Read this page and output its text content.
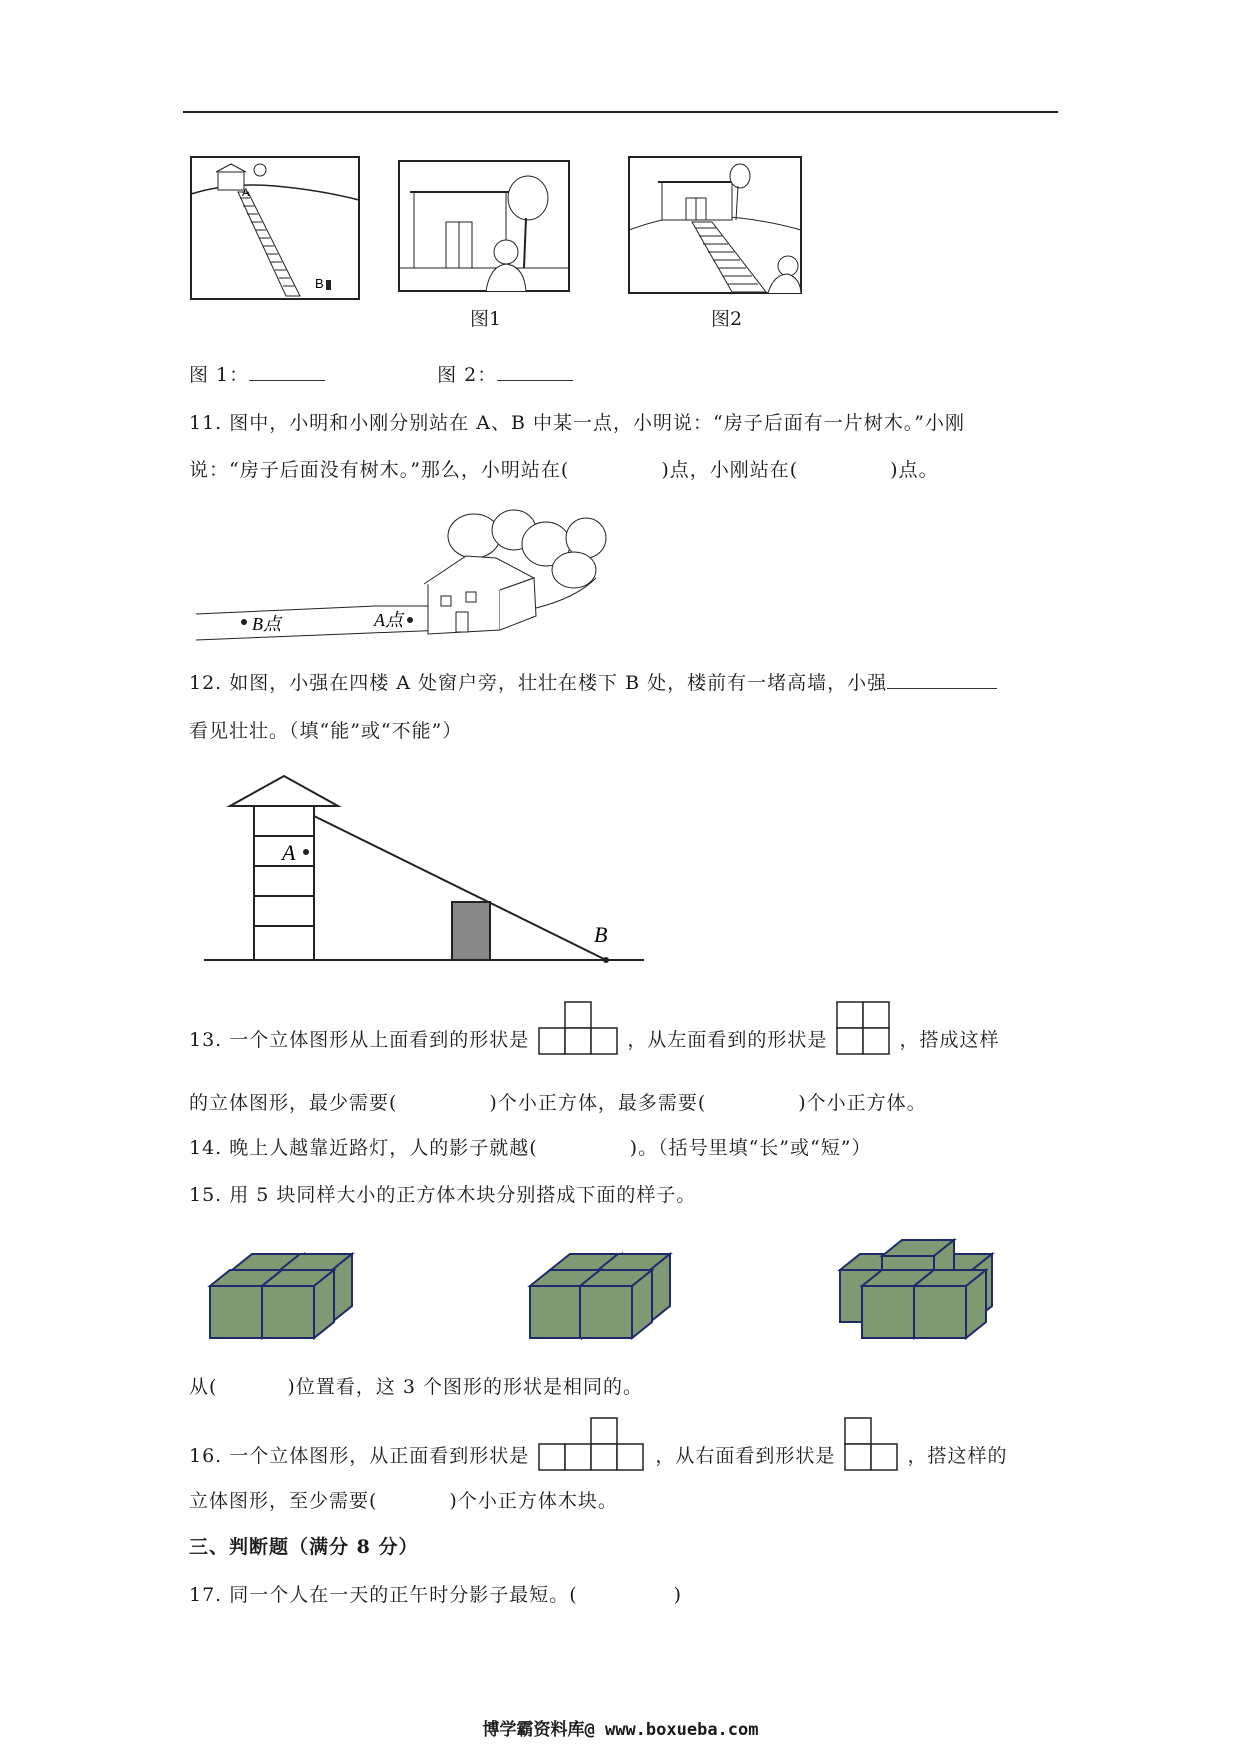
A
B
图1	图2
图 1：	图 2：
11. 图中，小明和小刚分别站在 A、B 中某一点，小明说：“房子后面有一片树木。”小刚
说：“房子后面没有树木。”那么，小明站在(	)点，小刚站在(	)点。
B点	A点
12. 如图，小强在四楼 A 处窗户旁，壮壮在楼下 B 处，楼前有一堵高墙，小强
看见壮壮。（填“能”或“不能”）
A
B
13. 一个立体图形从上面看到的形状是	，从左面看到的形状是	，搭成这样
的立体图形，最少需要(	)个小正方体，最多需要(	)个小正方体。
14. 晚上人越靠近路灯，人的影子就越(	)。（括号里填“长”或“短”）
15. 用 5 块同样大小的正方体木块分别搭成下面的样子。
从(	)位置看，这 3 个图形的形状是相同的。
16. 一个立体图形，从正面看到形状是	，从右面看到形状是	，搭这样的
立体图形，至少需要(	)个小正方体木块。
三、判断题（满分 8 分）
17. 同一个人在一天的正午时分影子最短。(	)
博学霸资料库@ www.boxueba.com
